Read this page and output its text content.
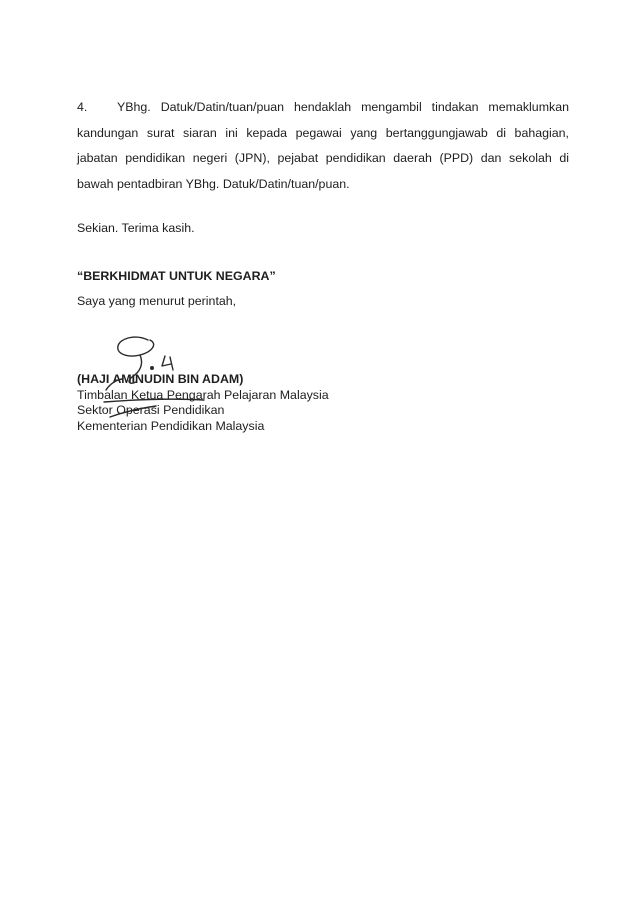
4. YBhg. Datuk/Datin/tuan/puan hendaklah mengambil tindakan memaklumkan
kandungan surat siaran ini kepada pegawai yang bertanggungjawab di bahagian,
jabatan pendidikan negeri (JPN), pejabat pendidikan daerah (PPD) dan sekolah di
bawah pentadbiran YBhg. Datuk/Datin/tuan/puan.
Sekian. Terima kasih.
“BERKHIDMAT UNTUK NEGARA”
Saya yang menurut perintah,
(HAJI AMINUDIN BIN ADAM)
Timbalan Ketua Pengarah Pelajaran Malaysia
Sektor Operasi Pendidikan
Kementerian Pendidikan Malaysia
